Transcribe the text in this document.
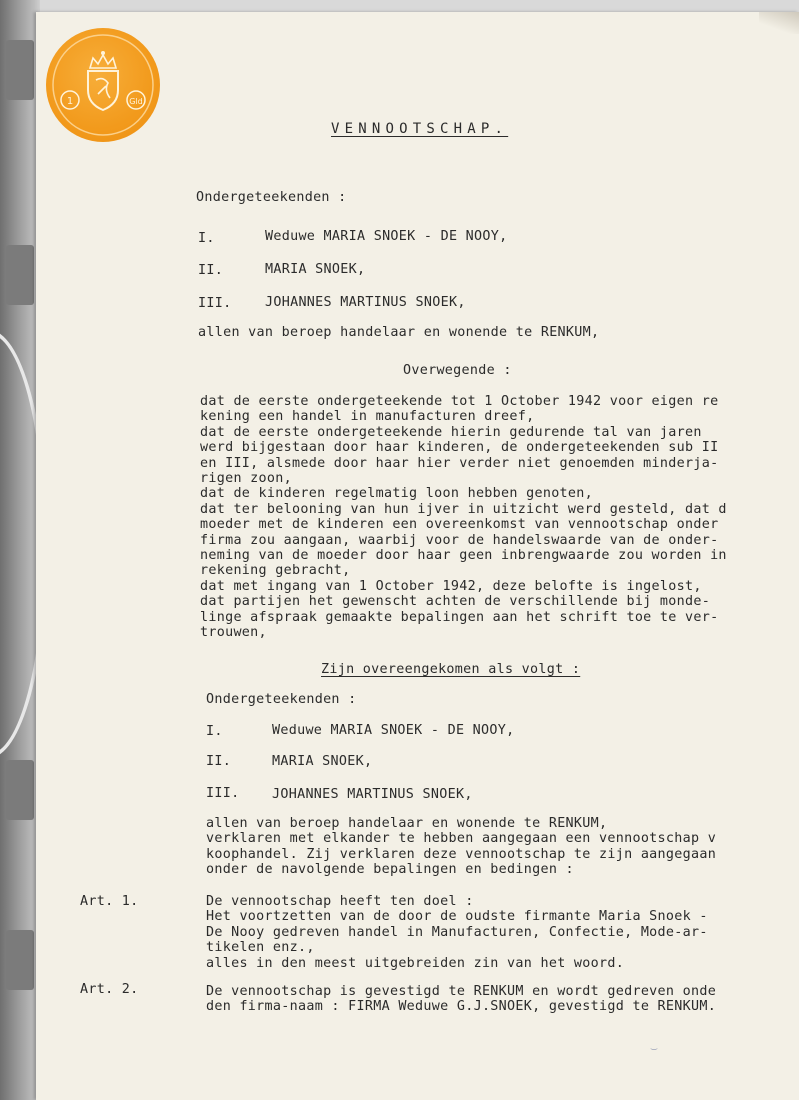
1	Gld
VENNOOTSCHAP.
Ondergeteekenden :
I.	Weduwe MARIA SNOEK - DE NOOY,
II.	MARIA SNOEK,
III.	JOHANNES MARTINUS SNOEK,
allen van beroep handelaar en wonende te RENKUM,
Overwegende :
dat de eerste ondergeteekende tot 1 October 1942 voor eigen re
kening een handel in manufacturen dreef,
dat de eerste ondergeteekende hierin gedurende tal van jaren
werd bijgestaan door haar kinderen, de ondergeteekenden sub II
en III, alsmede door haar hier verder niet genoemden minderja-
rigen zoon,
dat de kinderen regelmatig loon hebben genoten,
dat ter belooning van hun ijver in uitzicht werd gesteld, dat d
moeder met de kinderen een overeenkomst van vennootschap onder
firma zou aangaan, waarbij voor de handelswaarde van de onder-
neming van de moeder door haar geen inbrengwaarde zou worden in
rekening gebracht,
dat met ingang van 1 October 1942, deze belofte is ingelost,
dat partijen het gewenscht achten de verschillende bij monde-
linge afspraak gemaakte bepalingen aan het schrift toe te ver-
trouwen,
Zijn overeengekomen als volgt :
Ondergeteekenden :
I.	Weduwe MARIA SNOEK - DE NOOY,
II.	MARIA SNOEK,
III. JOHANNES MARTINUS SNOEK,
allen van beroep handelaar en wonende te RENKUM,
verklaren met elkander te hebben aangegaan een vennootschap v
koophandel. Zij verklaren deze vennootschap te zijn aangegaan
onder de navolgende bepalingen en bedingen :
Art. 1.	De vennootschap heeft ten doel :
Het voortzetten van de door de oudste firmante Maria Snoek -
De Nooy gedreven handel in Manufacturen, Confectie, Mode-ar-
tikelen enz.,
alles in den meest uitgebreiden zin van het woord.
Art. 2.	De vennootschap is gevestigd te RENKUM en wordt gedreven onde
den firma-naam : FIRMA Weduwe G.J.SNOEK, gevestigd te RENKUM.
‿
